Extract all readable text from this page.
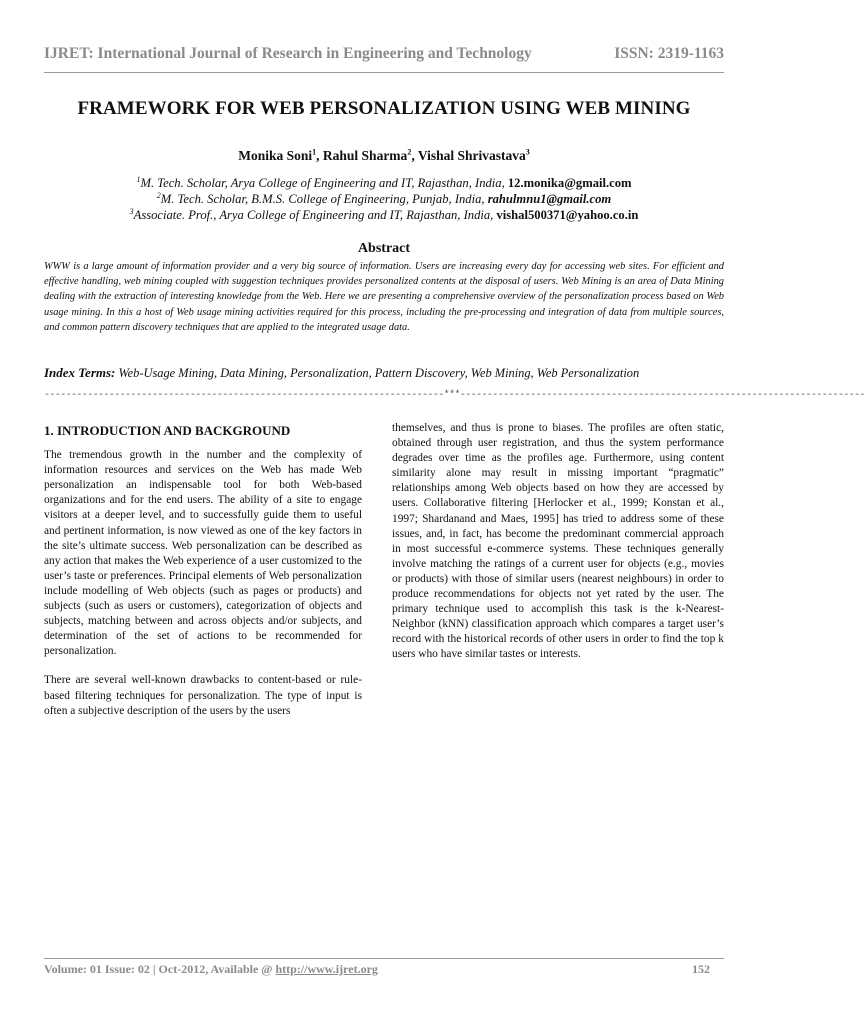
IJRET: International Journal of Research in Engineering and Technology	ISSN: 2319-1163
FRAMEWORK FOR WEB PERSONALIZATION USING WEB MINING
Monika Soni$^1$, Rahul Sharma$^2$, Vishal Shrivastava$^3$
$^1$M. Tech. Scholar, Arya College of Engineering and IT, Rajasthan, India, 12.monika@gmail.com
$^2$M. Tech. Scholar, B.M.S. College of Engineering, Punjab, India, rahulmnu1@gmail.com
$^3$Associate. Prof., Arya College of Engineering and IT, Rajasthan, India, vishal500371@yahoo.co.in
Abstract
WWW is a large amount of information provider and a very big source of information. Users are increasing every day for accessing web sites. For efficient and effective handling, web mining coupled with suggestion techniques provides personalized contents at the disposal of users. Web Mining is an area of Data Mining dealing with the extraction of interesting knowledge from the Web. Here we are presenting a comprehensive overview of the personalization process based on Web usage mining. In this a host of Web usage mining activities required for this process, including the pre-processing and integration of data from multiple sources, and common pattern discovery techniques that are applied to the integrated usage data.
Index Terms: Web-Usage Mining, Data Mining, Personalization, Pattern Discovery, Web Mining, Web Personalization
--------------------------------------------------------------------------***---------------------------------------------------------------------------
1. INTRODUCTION AND BACKGROUND

The tremendous growth in the number and the complexity of information resources and services on the Web has made Web personalization an indispensable tool for both Web-based organizations and for the end users. The ability of a site to engage visitors at a deeper level, and to successfully guide them to useful and pertinent information, is now viewed as one of the key factors in the site’s ultimate success. Web personalization can be described as any action that makes the Web experience of a user customized to the user’s taste or preferences. Principal elements of Web personalization include modelling of Web objects (such as pages or products) and subjects (such as users or customers), categorization of objects and subjects, matching between and across objects and/or subjects, and determination of the set of actions to be recommended for personalization.

There are several well-known drawbacks to content-based or rule-based filtering techniques for personalization. The type of input is often a subjective description of the users by the users

themselves, and thus is prone to biases. The profiles are often static, obtained through user registration, and thus the system performance degrades over time as the profiles age. Furthermore, using content similarity alone may result in missing important “pragmatic” relationships among Web objects based on how they are accessed by users. Collaborative filtering [Herlocker et al., 1999; Konstan et al., 1997; Shardanand and Maes, 1995] has tried to address some of these issues, and, in fact, has become the predominant commercial approach in most successful e-commerce systems. These techniques generally involve matching the ratings of a current user for objects (e.g., movies or products) with those of similar users (nearest neighbours) in order to produce recommendations for objects not yet rated by the user. The primary technique used to accomplish this task is the k-Nearest-Neighbor (kNN) classification approach which compares a target user’s record with the historical records of other users in order to find the top k users who have similar tastes or interests.

Volume: 01 Issue: 02 | Oct-2012, Available @ http://www.ijret.org	152
